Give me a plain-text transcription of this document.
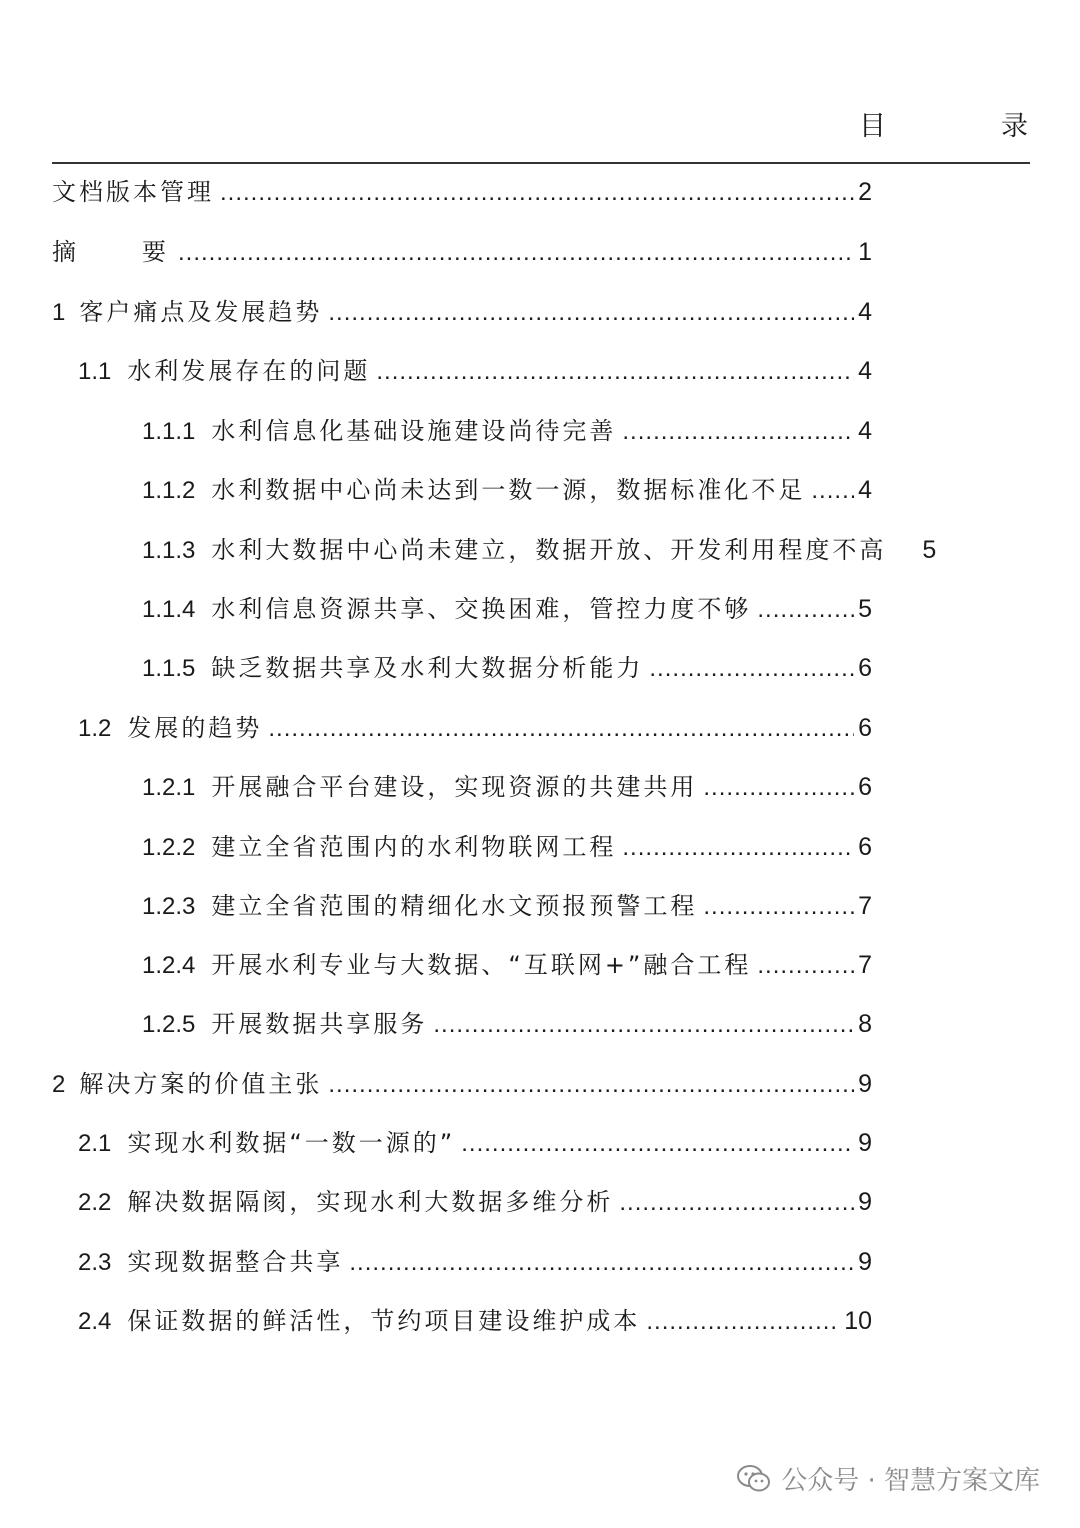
目　录
文档版本管理 .....	2
摘　　要 .....	1
1 客户痛点及发展趋势 .....	4
1.1 水利发展存在的问题 .....	4
1.1.1 水利信息化基础设施建设尚待完善 .....	4
1.1.2 水利数据中心尚未达到一数一源，数据标准化不足 ..... 4
1.1.3 水利大数据中心尚未建立，数据开放、开发利用程度不高 5
1.1.4 水利信息资源共享、交换困难，管控力度不够 .....	5
1.1.5 缺乏数据共享及水利大数据分析能力 .....	6
1.2 发展的趋势 .....	6
1.2.1 开展融合平台建设，实现资源的共建共用 .....	6
1.2.2 建立全省范围内的水利物联网工程 .....	6
1.2.3 建立全省范围的精细化水文预报预警工程 .....	7
1.2.4 开展水利专业与大数据、“互联网+”融合工程 .....	7
1.2.5 开展数据共享服务 .....	8
2 解决方案的价值主张 .....	9
2.1 实现水利数据“一数一源的” .....	9
2.2 解决数据隔阂，实现水利大数据多维分析 .....	9
2.3 实现数据整合共享 .....	9
2.4 保证数据的鲜活性，节约项目建设维护成本 .....	10
公众号 · 智慧方案文库
